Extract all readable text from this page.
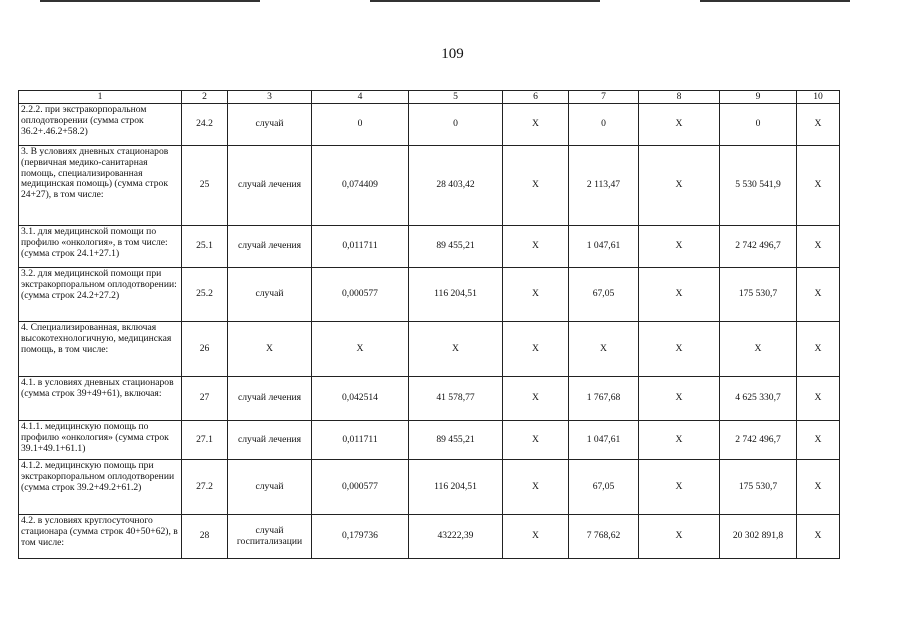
109
1	2	3	4	5	6	7	8	9	10
2.2.2. при экстракорпоральном оплодотворении (сумма строк 36.2+.46.2+58.2)	24.2	случай	0	0	X	0	X	0	X
3. В условиях дневных стационаров (первичная медико-санитарная помощь, специализированная медицинская помощь) (сумма строк 24+27), в том числе:	25	случай лечения	0,074409	28 403,42	X	2 113,47	X	5 530 541,9	X
3.1. для медицинской помощи по профилю «онкология», в том числе: (сумма строк 24.1+27.1)	25.1	случай лечения	0,011711	89 455,21	X	1 047,61	X	2 742 496,7	X
3.2. для медицинской помощи при экстракорпоральном оплодотворении: (сумма строк 24.2+27.2)	25.2	случай	0,000577	116 204,51	X	67,05	X	175 530,7	X
4. Специализированная, включая высокотехнологичную, медицинская помощь, в том числе:	26	X	X	X	X	X	X	X	X
4.1. в условиях дневных стационаров (сумма строк 39+49+61), включая:	27	случай лечения	0,042514	41 578,77	X	1 767,68	X	4 625 330,7	X
4.1.1. медицинскую помощь по профилю «онкология» (сумма строк 39.1+49.1+61.1)	27.1	случай лечения	0,011711	89 455,21	X	1 047,61	X	2 742 496,7	X
4.1.2. медицинскую помощь при экстракорпоральном оплодотворении (сумма строк 39.2+49.2+61.2)	27.2	случай	0,000577	116 204,51	X	67,05	X	175 530,7	X
4.2. в условиях круглосуточного стационара (сумма строк 40+50+62), в том числе:	28	случай госпитализации	0,179736	43222,39	X	7 768,62	X	20 302 891,8	X
